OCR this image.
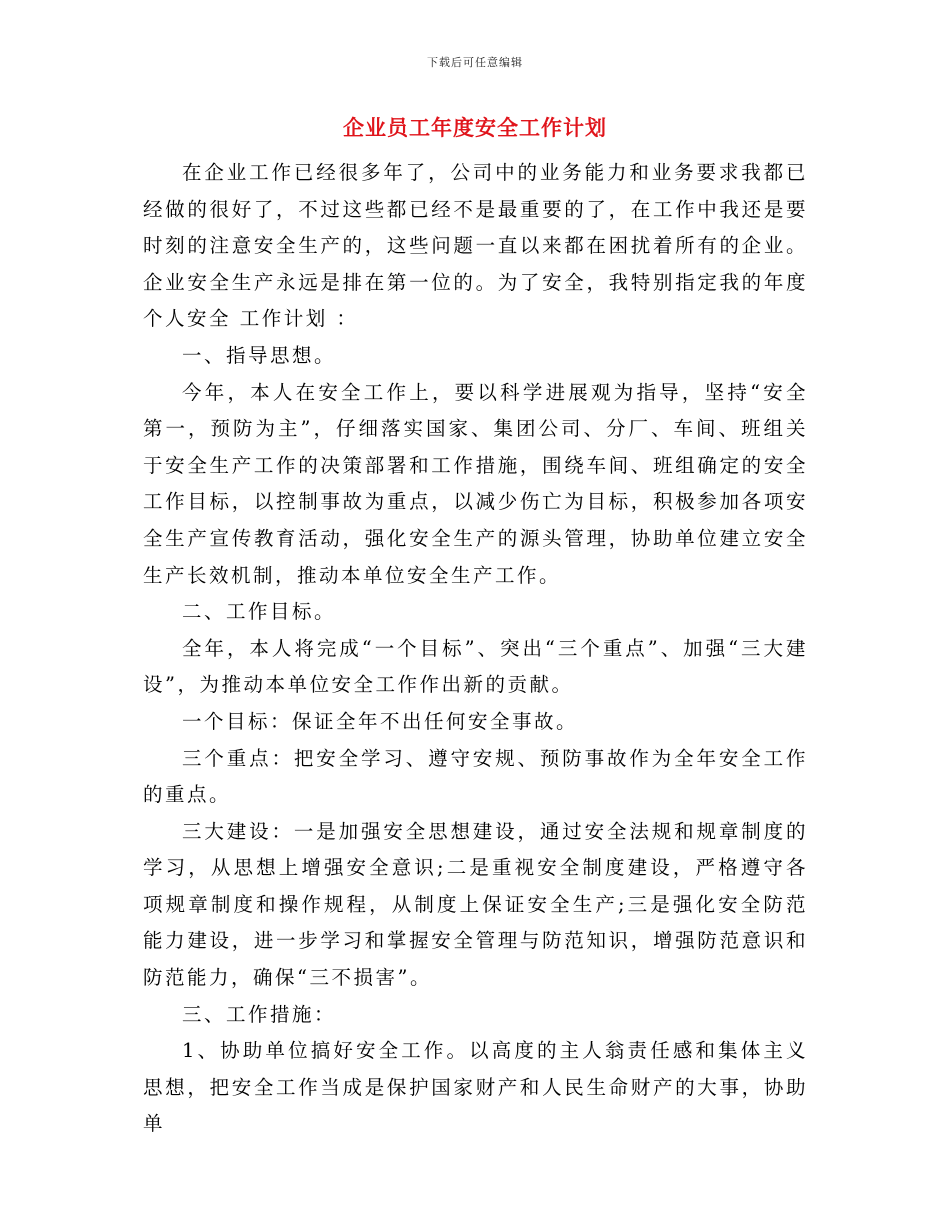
下载后可任意编辑
企业员工年度安全工作计划

在企业工作已经很多年了，公司中的业务能力和业务要求我都已经做的很好了，不过这些都已经不是最重要的了，在工作中我还是要时刻的注意安全生产的，这些问题一直以来都在困扰着所有的企业。企业安全生产永远是排在第一位的。为了安全，我特别指定我的年度个人安全 工作计划 ：

一、指导思想。

今年，本人在安全工作上，要以科学进展观为指导，坚持“安全第一，预防为主”，仔细落实国家、集团公司、分厂、车间、班组关于安全生产工作的决策部署和工作措施，围绕车间、班组确定的安全工作目标，以控制事故为重点，以减少伤亡为目标，积极参加各项安全生产宣传教育活动，强化安全生产的源头管理，协助单位建立安全生产长效机制，推动本单位安全生产工作。

二、工作目标。

全年，本人将完成“一个目标”、突出“三个重点”、加强“三大建设”，为推动本单位安全工作作出新的贡献。

一个目标：保证全年不出任何安全事故。

三个重点：把安全学习、遵守安规、预防事故作为全年安全工作的重点。

三大建设：一是加强安全思想建设，通过安全法规和规章制度的学习，从思想上增强安全意识;二是重视安全制度建设，严格遵守各项规章制度和操作规程，从制度上保证安全生产;三是强化安全防范能力建设，进一步学习和掌握安全管理与防范知识，增强防范意识和防范能力，确保“三不损害”。

三、工作措施：

1、协助单位搞好安全工作。以高度的主人翁责任感和集体主义思想，把安全工作当成是保护国家财产和人民生命财产的大事，协助单
